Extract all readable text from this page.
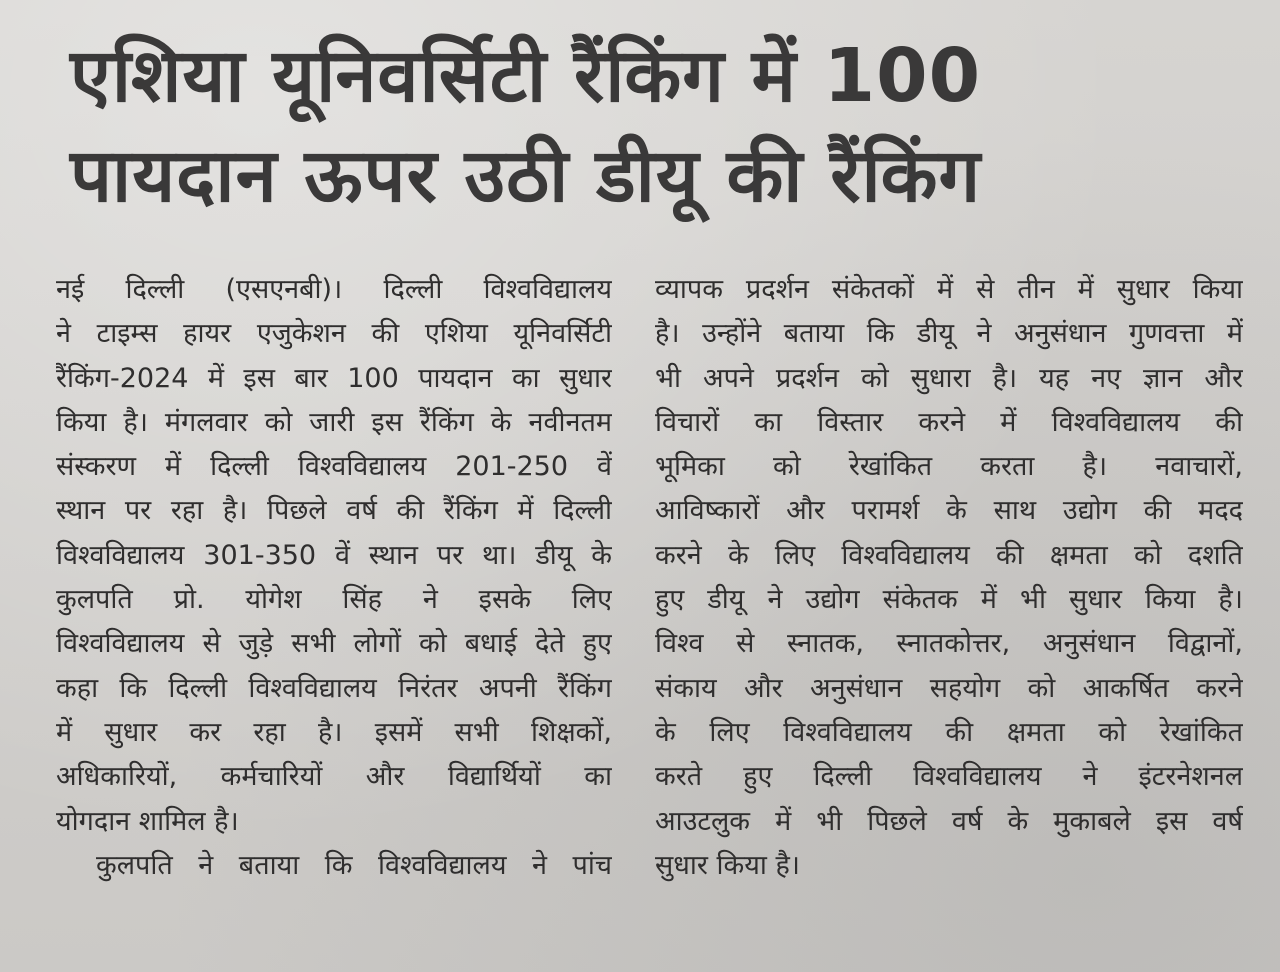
एशिया यूनिवर्सिटी रैंकिंग में 100
पायदान ऊपर उठी डीयू की रैंकिंग
नई दिल्ली (एसएनबी)। दिल्ली विश्वविद्यालय
ने टाइम्स हायर एजुकेशन की एशिया यूनिवर्सिटी
रैंकिंग-2024 में इस बार 100 पायदान का सुधार
किया है। मंगलवार को जारी इस रैंकिंग के नवीनतम
संस्करण में दिल्ली विश्वविद्यालय 201-250 वें
स्थान पर रहा है। पिछले वर्ष की रैंकिंग में दिल्ली
विश्वविद्यालय 301-350 वें स्थान पर था। डीयू के
कुलपति प्रो. योगेश सिंह ने इसके लिए
विश्वविद्यालय से जुड़े सभी लोगों को बधाई देते हुए
कहा कि दिल्ली विश्वविद्यालय निरंतर अपनी रैंकिंग
में सुधार कर रहा है। इसमें सभी शिक्षकों,
अधिकारियों, कर्मचारियों और विद्यार्थियों का
योगदान शामिल है।
कुलपति ने बताया कि विश्वविद्यालय ने पांच
व्यापक प्रदर्शन संकेतकों में से तीन में सुधार किया
है। उन्होंने बताया कि डीयू ने अनुसंधान गुणवत्ता में
भी अपने प्रदर्शन को सुधारा है। यह नए ज्ञान और
विचारों का विस्तार करने में विश्वविद्यालय की
भूमिका को रेखांकित करता है। नवाचारों,
आविष्कारों और परामर्श के साथ उद्योग की मदद
करने के लिए विश्वविद्यालय की क्षमता को दशति
हुए डीयू ने उद्योग संकेतक में भी सुधार किया है।
विश्व से स्नातक, स्नातकोत्तर, अनुसंधान विद्वानों,
संकाय और अनुसंधान सहयोग को आकर्षित करने
के लिए विश्वविद्यालय की क्षमता को रेखांकित
करते हुए दिल्ली विश्वविद्यालय ने इंटरनेशनल
आउटलुक में भी पिछले वर्ष के मुकाबले इस वर्ष
सुधार किया है।
